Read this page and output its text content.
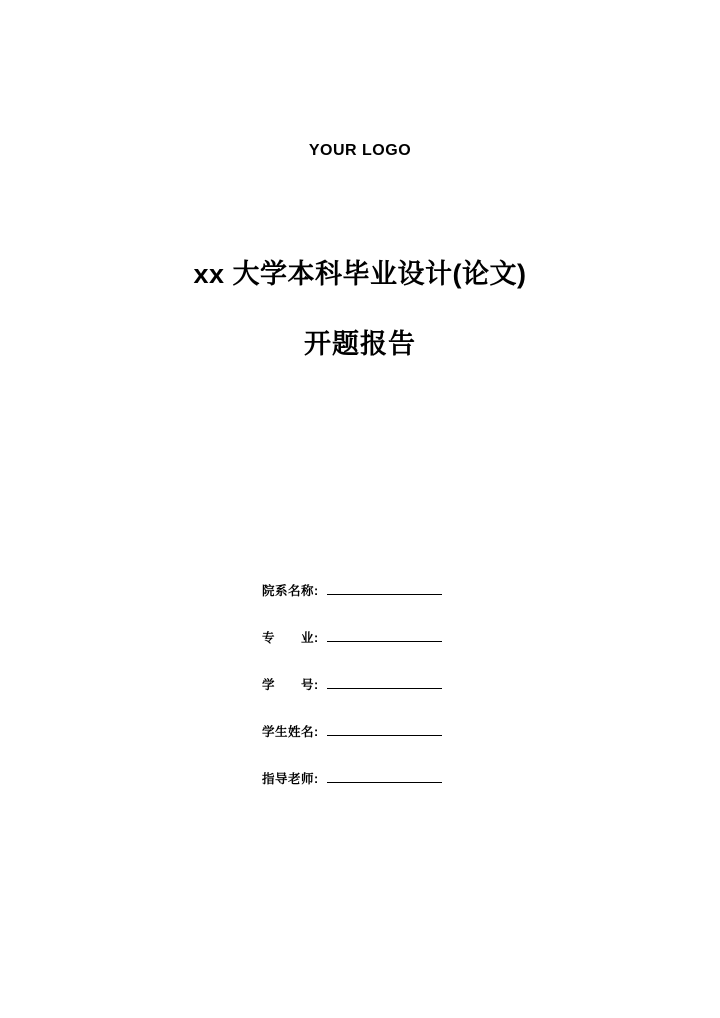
YOUR LOGO
xx 大学本科毕业设计(论文)
开题报告
院系名称:
专　　业:
学　　号:
学生姓名:
指导老师:
